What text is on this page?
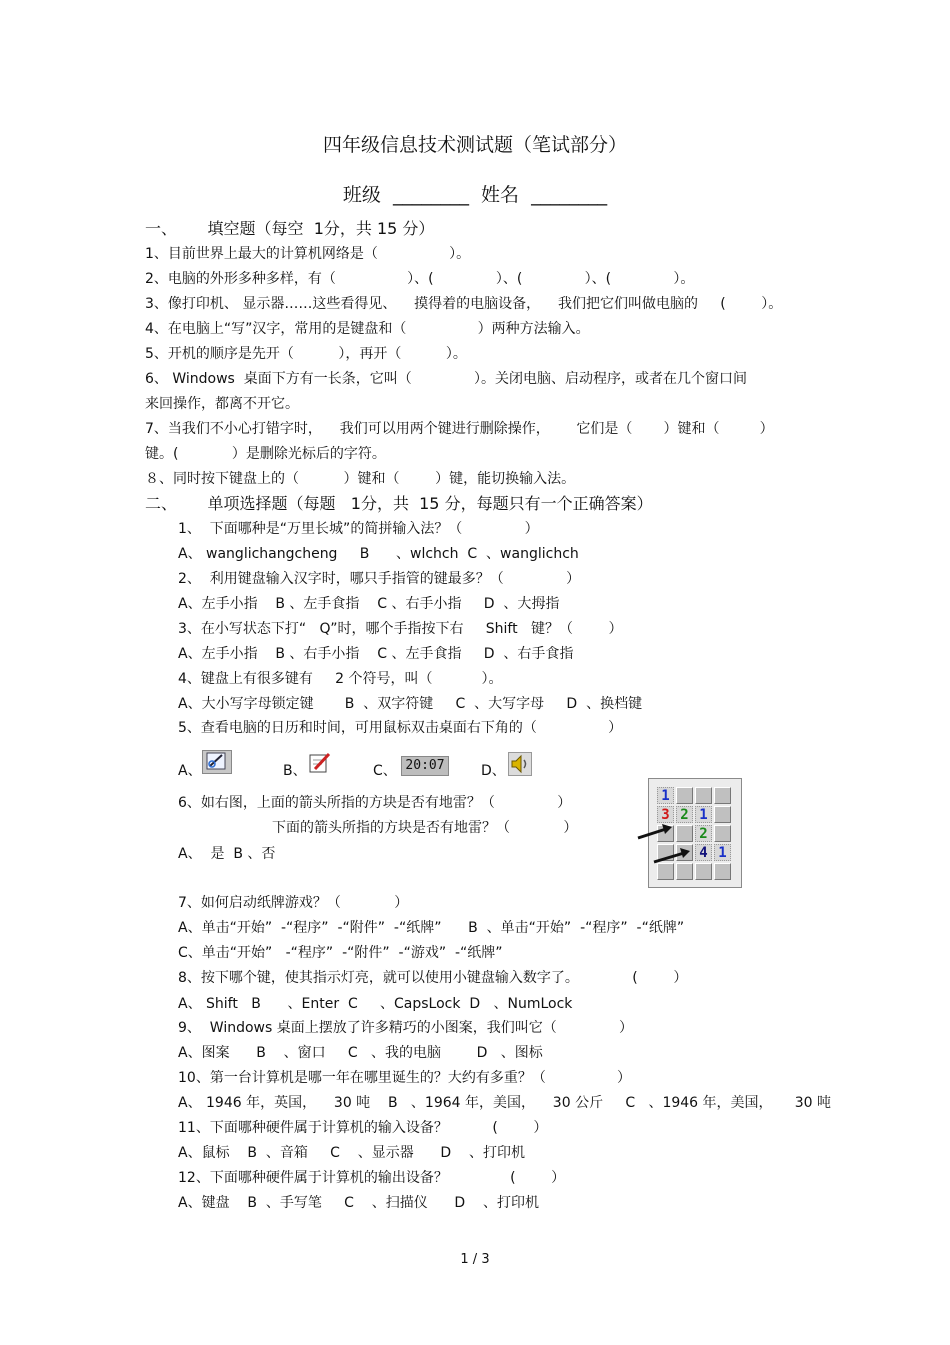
四年级信息技术测试题（笔试部分）
班级  ________  姓名  ________
一、      填空题（每空  1分，共 15 分）
1、目前世界上最大的计算机网络是（                ）。
2、电脑的外形多种多样，有（                ）、(              ）、(              ）、(              ）。
3、像打印机、 显示器……这些看得见、    摸得着的电脑设备，    我们把它们叫做电脑的     (        ）。
4、在电脑上“写”汉字，常用的是键盘和（                ）两种方法输入。
5、开机的顺序是先开（          ），再开（          ）。
6、 Windows  桌面下方有一长条，它叫（              ）。关闭电脑、启动程序，或者在几个窗口间
来回操作，都离不开它。
7、当我们不小心打错字时，    我们可以用两个键进行删除操作，      它们是（       ）键和（         ）
键。(            ）是删除光标后的字符。
８、同时按下键盘上的（          ）键和（        ）键，能切换输入法。
二、      单项选择题（每题   1分，共  15 分，每题只有一个正确答案）
1、  下面哪种是“万里长城”的简拼输入法？（              ）
A、 wanglichangcheng     B      、wlchch  C  、wanglichch
2、  利用键盘输入汉字时，哪只手指管的键最多？（              ）
A、左手小指    B 、左手食指    C 、右手小指     D  、大拇指
3、在小写状态下打“   Q”时，哪个手指按下右     Shift   键？（        ）
A、左手小指    B 、右手小指    C 、左手食指     D  、右手食指
4、键盘上有很多键有     2 个符号，叫（           ）。
A、大小写字母锁定键       B  、双字符键     C  、大写字母     D  、换档键
5、查看电脑的日历和时间，可用鼠标双击桌面右下角的（                ）
A、	B、	C、 20:07	D、
6、如右图，上面的箭头所指的方块是否有地雷？（              ）
下面的箭头所指的方块是否有地雷？（            ）
A、  是  B 、否
1
3 2 1
2
4 1
7、如何启动纸牌游戏？（            ）
A、单击“开始”  -“程序”  -“附件”  -“纸牌”      B  、单击“开始”  -“程序”  -“纸牌”
C、单击“开始”   -“程序”  -“附件”  -“游戏”  -“纸牌”
8、按下哪个键，使其指示灯亮，就可以使用小键盘输入数字了。            (        ）
A、 Shift   B      、Enter  C     、CapsLock  D   、NumLock
9、  Windows 桌面上摆放了许多精巧的小图案，我们叫它（              ）
A、图案      B    、窗口     C   、我的电脑        D   、图标
10、第一台计算机是哪一年在哪里诞生的？大约有多重？（                ）
A、 1946 年，英国，    30 吨    B   、1964 年，美国，    30 公斤     C   、1946 年，美国，     30 吨
11、下面哪种硬件属于计算机的输入设备？          (        ）
A、鼠标    B  、音箱     C    、显示器      D    、打印机
12、下面哪种硬件属于计算机的输出设备？              (        ）
A、键盘    B  、手写笔     C    、扫描仪      D    、打印机
1 / 3
